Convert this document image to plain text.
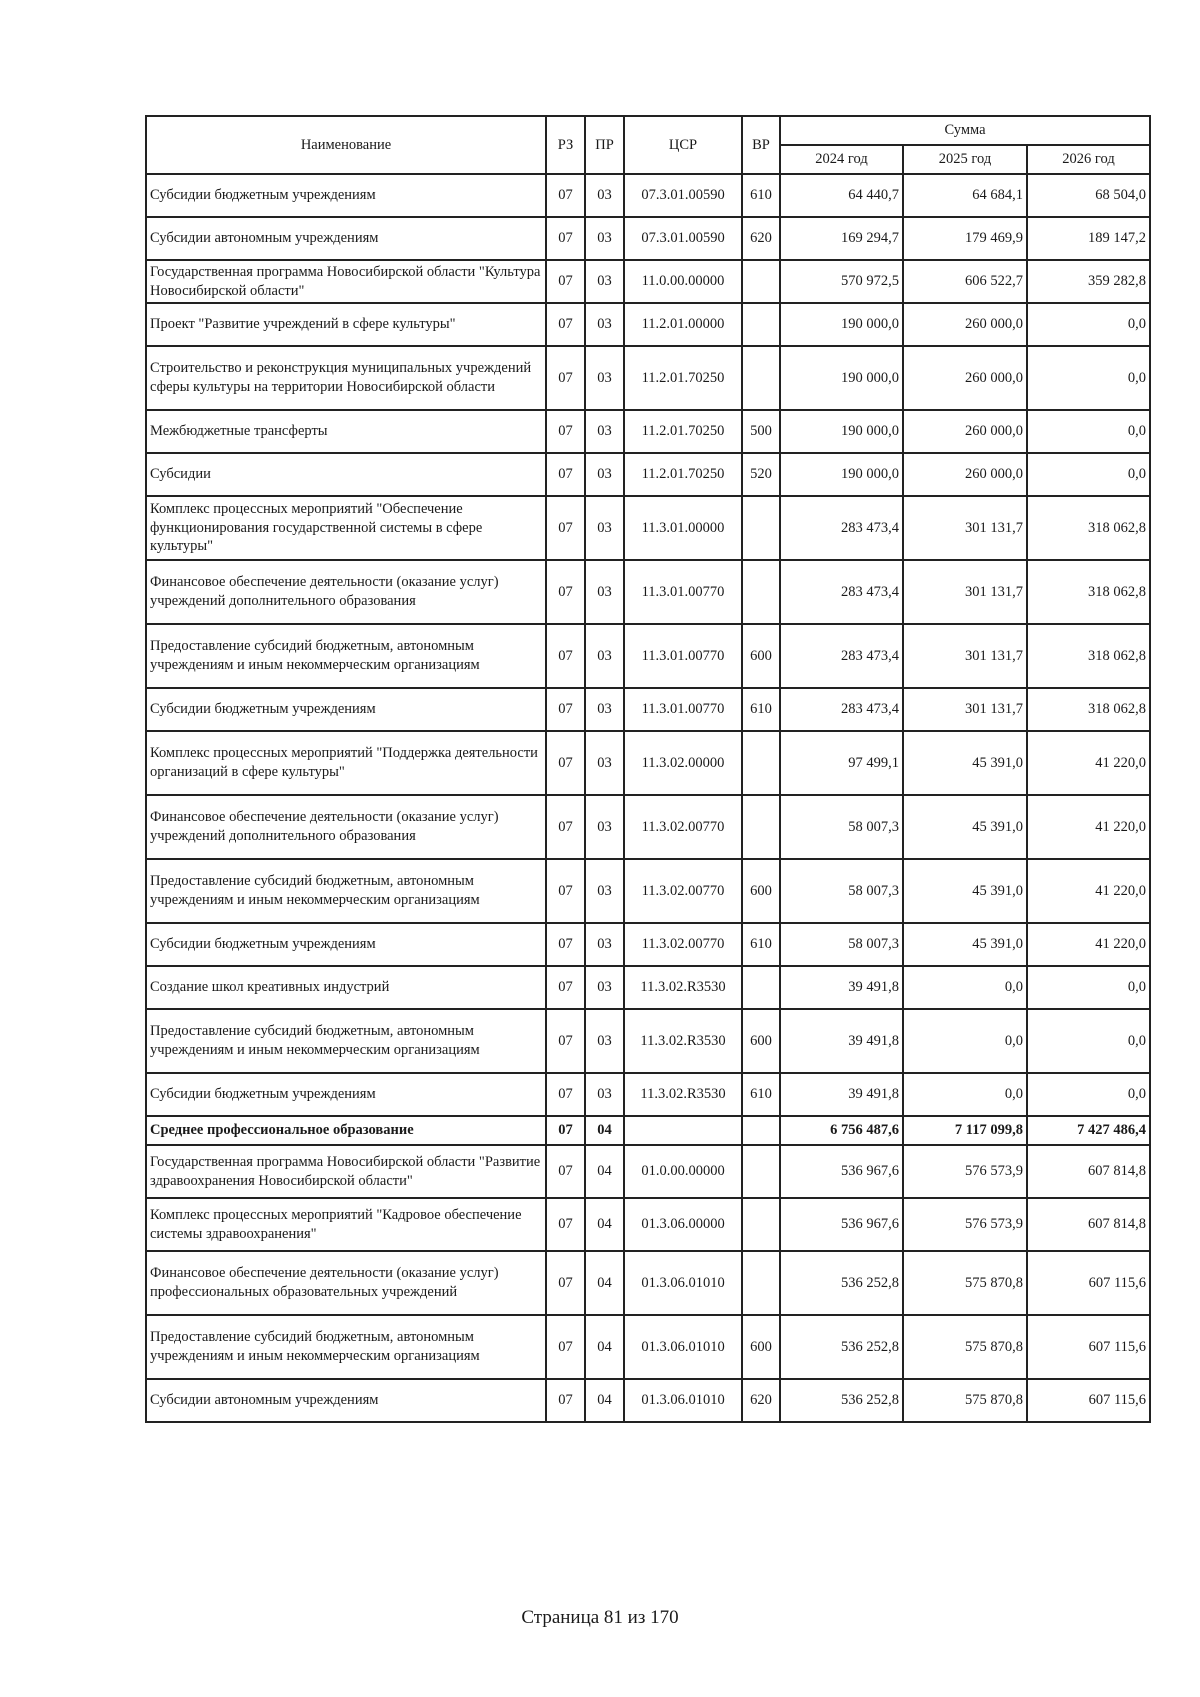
Наименование	РЗ	ПР	ЦСР	ВР	Сумма		
					2024 год	2025 год	2026 год
Субсидии бюджетным учреждениям	07	03	07.3.01.00590	610	64 440,7	64 684,1	68 504,0
Субсидии автономным учреждениям	07	03	07.3.01.00590	620	169 294,7	179 469,9	189 147,2
Государственная программа Новосибирской области "Культура Новосибирской области"	07	03	11.0.00.00000		570 972,5	606 522,7	359 282,8
Проект "Развитие учреждений в сфере культуры"	07	03	11.2.01.00000		190 000,0	260 000,0	0,0
Строительство и реконструкция муниципальных учреждений сферы культуры на территории Новосибирской области	07	03	11.2.01.70250		190 000,0	260 000,0	0,0
Межбюджетные трансферты	07	03	11.2.01.70250	500	190 000,0	260 000,0	0,0
Субсидии	07	03	11.2.01.70250	520	190 000,0	260 000,0	0,0
Комплекс процессных мероприятий "Обеспечение функционирования государственной системы в сфере культуры"	07	03	11.3.01.00000		283 473,4	301 131,7	318 062,8
Финансовое обеспечение деятельности (оказание услуг) учреждений дополнительного образования	07	03	11.3.01.00770		283 473,4	301 131,7	318 062,8
Предоставление субсидий бюджетным, автономным учреждениям и иным некоммерческим организациям	07	03	11.3.01.00770	600	283 473,4	301 131,7	318 062,8
Субсидии бюджетным учреждениям	07	03	11.3.01.00770	610	283 473,4	301 131,7	318 062,8
Комплекс процессных мероприятий "Поддержка деятельности организаций в сфере культуры"	07	03	11.3.02.00000		97 499,1	45 391,0	41 220,0
Финансовое обеспечение деятельности (оказание услуг) учреждений дополнительного образования	07	03	11.3.02.00770		58 007,3	45 391,0	41 220,0
Предоставление субсидий бюджетным, автономным учреждениям и иным некоммерческим организациям	07	03	11.3.02.00770	600	58 007,3	45 391,0	41 220,0
Субсидии бюджетным учреждениям	07	03	11.3.02.00770	610	58 007,3	45 391,0	41 220,0
Создание школ креативных индустрий	07	03	11.3.02.R3530		39 491,8	0,0	0,0
Предоставление субсидий бюджетным, автономным учреждениям и иным некоммерческим организациям	07	03	11.3.02.R3530	600	39 491,8	0,0	0,0
Субсидии бюджетным учреждениям	07	03	11.3.02.R3530	610	39 491,8	0,0	0,0
Среднее профессиональное образование	07	04			6 756 487,6	7 117 099,8	7 427 486,4
Государственная программа Новосибирской области "Развитие здравоохранения Новосибирской области"	07	04	01.0.00.00000		536 967,6	576 573,9	607 814,8
Комплекс процессных мероприятий "Кадровое обеспечение системы здравоохранения"	07	04	01.3.06.00000		536 967,6	576 573,9	607 814,8
Финансовое обеспечение деятельности (оказание услуг) профессиональных образовательных учреждений	07	04	01.3.06.01010		536 252,8	575 870,8	607 115,6
Предоставление субсидий бюджетным, автономным учреждениям и иным некоммерческим организациям	07	04	01.3.06.01010	600	536 252,8	575 870,8	607 115,6
Субсидии автономным учреждениям	07	04	01.3.06.01010	620	536 252,8	575 870,8	607 115,6
Страница 81 из 170
